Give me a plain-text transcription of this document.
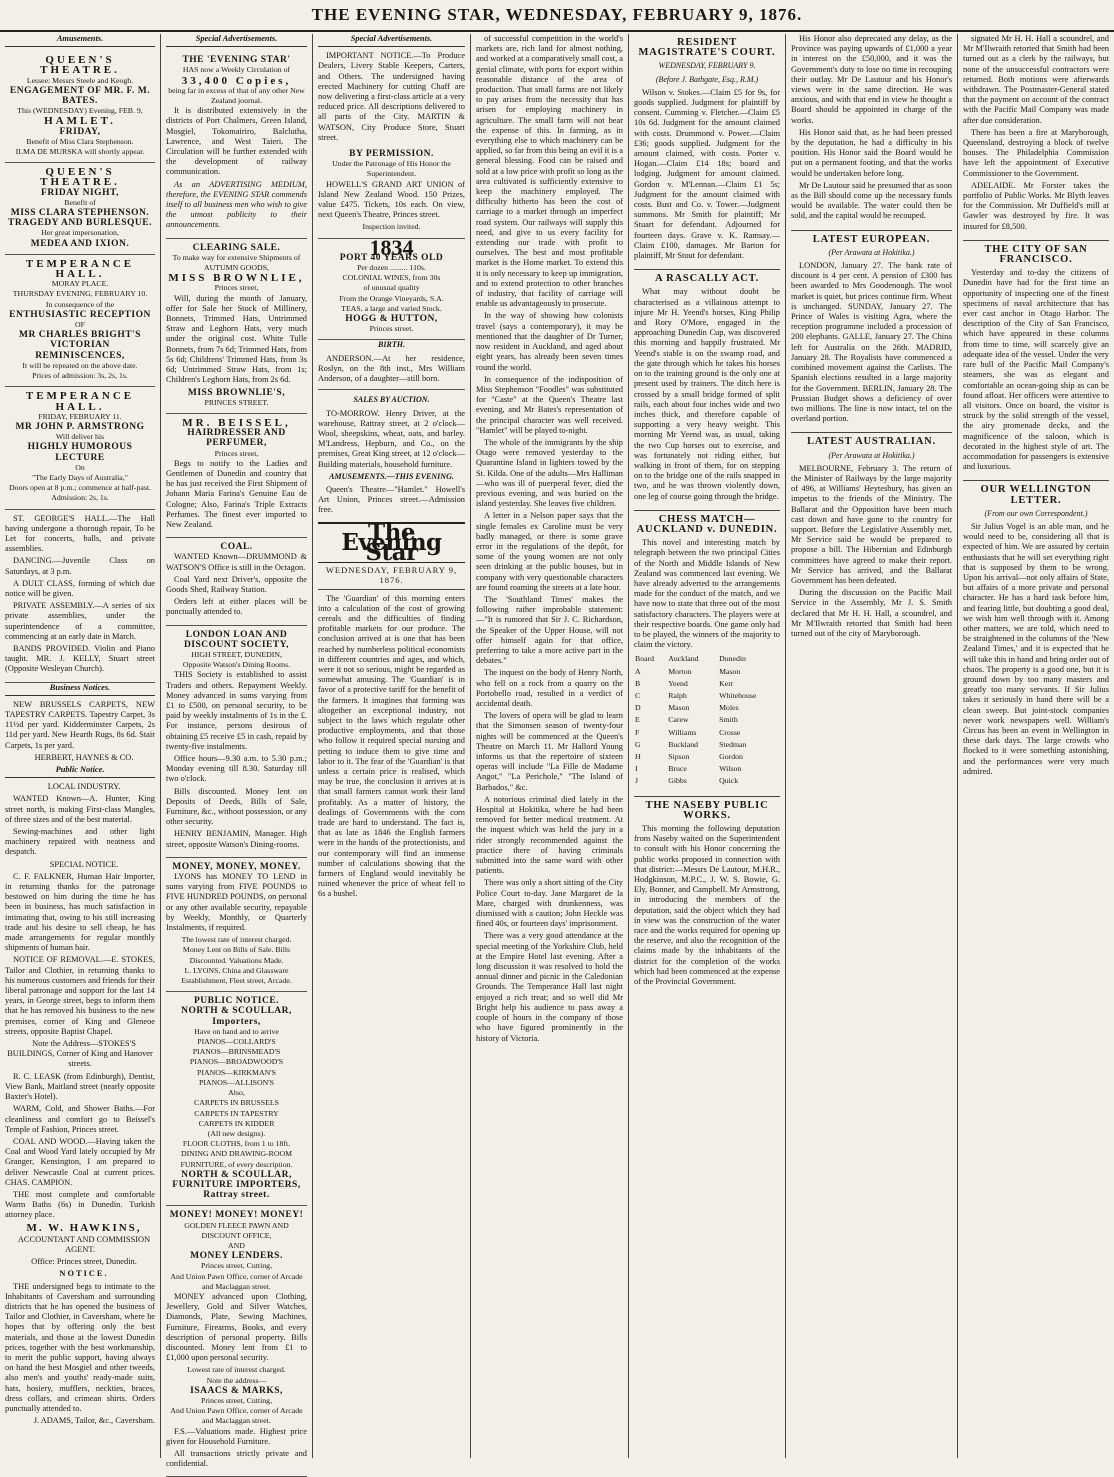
THE EVENING STAR, WEDNESDAY, FEBRUARY 9, 1876.
Amusements.
QUEEN'S THEATRE.
Lessee: Messrs Steele and Keogh.
ENGAGEMENT OF MR. F. M. BATES.
This (WEDNESDAY) Evening, FEB. 9,
HAMLET.
FRIDAY,
Benefit of Miss Clara Stephenson.
ILMA DE MURSKA will shortly appear.
QUEEN'S THEATRE.
FRIDAY NIGHT,
Benefit of
MISS CLARA STEPHENSON.
TRAGEDY AND BURLESQUE.
Her great impersonation,
MEDEA AND IXION.
TEMPERANCE HALL.
MORAY PLACE.
THURSDAY EVENING, FEBRUARY 10.
In consequence of the
ENTHUSIASTIC RECEPTION
OF
MR CHARLES BRIGHT'S
VICTORIAN REMINISCENCES,
It will be repeated on the above date.
Prices of admission: 3s, 2s, 1s.
TEMPERANCE HALL.
FRIDAY, FEBRUARY 11.
MR JOHN P. ARMSTRONG
Will deliver his
HIGHLY HUMOROUS LECTURE
On
"The Early Days of Australia,"
Doors open at 8 p.m.; commence at half-past.
Admission: 2s, 1s.

ST. GEORGE'S HALL.—The Hall having undergone a thorough repair, To be Let for concerts, balls, and private assemblies.

DANCING.—Juvenile Class on Saturdays, at 3 p.m.

A DULT CLASS, forming of which due notice will be given.

PRIVATE ASSEMBLY.—A series of six private assemblies, under the superintendence of a committee, commencing at an early date in March.

BANDS PROVIDED. Violin and Piano taught. MR. J. KELLY, Stuart street (Opposite Wesleyan Church).

Business Notices.

NEW BRUSSELS CARPETS, NEW TAPESTRY CARPETS. Tapestry Carpet, 3s 11½d per yard. Kidderminster Carpets, 2s 11d per yard. New Hearth Rugs, 8s 6d. Stair Carpets, 1s per yard.

HERBERT, HAYNES & CO.

Public Notice.

LOCAL INDUSTRY.

WANTED Known—A. Hunter, King street north, is making First-class Mangles, of three sizes and of the best material.

Sewing-machines and other light machinery repaired with neatness and despatch.

SPECIAL NOTICE.

C. F. FALKNER, Human Hair Importer, in returning thanks for the patronage bestowed on him during the time he has been in business, has much satisfaction in intimating that, owing to his still increasing trade and his desire to sell cheap, he has made arrangements for regular monthly shipments of human hair.

NOTICE OF REMOVAL.—E. STOKES, Tailor and Clothier, in returning thanks to his numerous customers and friends for their liberal patronage and support for the last 14 years, in George street, begs to inform them that he has removed his business to the new premises, corner of King and Gleneoe streets, opposite Baptist Chapel.

Note the Address—STOKES'S BUILDINGS, Corner of King and Hanover streets.

R. C. LEASK (from Edinburgh), Dentist, View Bank, Maitland street (nearly opposite Baxter's Hotel).

WARM, Cold, and Shower Baths.—For cleanliness and comfort go to Beissel's Temple of Fashion, Princes street.

COAL AND WOOD.—Having taken the Coal and Wood Yard lately occupied by Mr Granger, Kensington, I am prepared to deliver Newcastle Coal at current prices. CHAS. CAMPION.

THE most complete and comfortable Warm Baths (6s) in Dunedin. Turkish attorney place.

M. W. HAWKINS,

ACCOUNTANT AND COMMISSION AGENT.

Office: Princes street, Dunedin.

NOTICE.

THE undersigned begs to intimate to the Inhabitants of Caversham and surrounding districts that he has opened the business of Tailor and Clothier, in Caversham, where he hopes that by offering only the best materials, and those at the lowest Dunedin prices, together with the best workmanship, to merit the public support, having always on hand the best Mosgiel and other tweeds, also men's and youths' ready-made suits, hats, hosiery, mufflers, neckties, braces, dress collars, and crimean shirts. Orders punctually attended to.

J. ADAMS, Tailor, &c., Caversham.

Special Advertisements.
THE 'EVENING STAR'
HAS now a Weekly Circulation of
33,400 Copies,
being far in excess of that of any other New Zealand journal.

It is distributed extensively in the districts of Port Chalmers, Green Island, Mosgiel, Tokomairiro, Balclutha, Lawrence, and West Taieri. The Circulation will be further extended with the development of railway communication.

As an ADVERTISING MEDIUM, therefore, the EVENING STAR commends itself to all business men who wish to give the utmost publicity to their announcements.

CLEARING SALE.
To make way for extensive Shipments of AUTUMN GOODS,
MISS BROWNLIE,
Princes street,

Will, during the month of January, offer for Sale her Stock of Millinery, Bonnets, Trimmed Hats, Untrimmed Straw and Leghorn Hats, very much under the original cost. White Tulle Bonnets, from 7s 6d; Trimmed Hats, from 5s 6d; Childrens' Trimmed Hats, from 3s 6d; Untrimmed Straw Hats, from 1s; Children's Leghorn Hats, from 2s 6d.

MISS BROWNLIE'S,
PRINCES STREET.
MR. BEISSEL,
HAIRDRESSER AND PERFUMER,
Princes street,

Begs to notify to the Ladies and Gentlemen of Dunedin and country that he has just received the First Shipment of Johann Maria Farina's Genuine Eau de Cologne; Also, Farina's Triple Extracts Perfumes. The finest ever imported to New Zealand.

COAL.

WANTED Known—DRUMMOND & WATSON'S Office is still in the Octagon.

Coal Yard next Driver's, opposite the Goods Shed, Railway Station.

Orders left at either places will be punctually attended to.

LONDON LOAN AND DISCOUNT SOCIETY,
HIGH STREET, DUNEDIN,
Opposite Watson's Dining Rooms.

THIS Society is established to assist Traders and others. Repayment Weekly. Money advanced in sums varying from £1 to £500, on personal security, to be paid by weekly instalments of 1s in the £. For instance, persons desirous of obtaining £5 receive £5 in cash, repaid by twenty-five instalments.

Office hours—9.30 a.m. to 5.30 p.m.; Monday evening till 8.30. Saturday till two o'clock.

Bills discounted. Money lent on Deposits of Deeds, Bills of Sale, Furniture, &c., without possession, or any other security.

HENRY BENJAMIN, Manager. High street, opposite Watson's Dining-rooms.

MONEY, MONEY, MONEY.

LYONS has MONEY TO LEND in sums varying from FIVE POUNDS to FIVE HUNDRED POUNDS, on personal or any other available security, repayable by Weekly, Monthly, or Quarterly Instalments, if required.

The lowest rate of interest charged.
Money Lent on Bills of Sale. Bills Discounted. Valuations Made.
L. LYONS, China and Glassware Establishment, Fleet street, Arcade.
PUBLIC NOTICE.
NORTH & SCOULLAR, Importers,
Have on hand and to arrive
PIANOS—COLLARD'S
PIANOS—BRINSMEAD'S
PIANOS—BROADWOOD'S
PIANOS—KIRKMAN'S
PIANOS—ALLISON'S
Also,
CARPETS IN BRUSSELS
CARPETS IN TAPESTRY
CARPETS IN KIDDER
(All new designs).
FLOOR CLOTHS, from 1 to 18ft.
DINING AND DRAWING-ROOM FURNITURE, of every description.
NORTH & SCOULLAR, FURNITURE IMPORTERS, Rattray street.
MONEY! MONEY! MONEY!
GOLDEN FLEECE PAWN AND DISCOUNT OFFICE,
AND
MONEY LENDERS.
Princes street, Cutting,
And Union Pawn Office, corner of Arcade and Maclaggan street.

MONEY advanced upon Clothing, Jewellery, Gold and Silver Watches, Diamonds, Plate, Sewing Machines, Furniture, Firearms, Books, and every description of personal property. Bills discounted. Money lent from £1 to £1,000 upon personal security.

Lowest rate of interest charged.
Note the address—
ISAACS & MARKS,
Princes street, Cutting,
And Union Pawn Office, corner of Arcade and Maclaggan street.

F.S.—Valuations made. Highest price given for Household Furniture.

All transactions strictly private and confidential.

Special Advertisements.

IMPORTANT NOTICE.—To Produce Dealers, Livery Stable Keepers, Carters, and Others. The undersigned having erected Machinery for cutting Chaff are now delivering a first-class article at a very reduced price. All descriptions delivered to all parts of the City. MARTIN & WATSON, City Produce Store, Stuart street.

BY PERMISSION.
Under the Patronage of His Honor the Superintendent.

HOWELL'S GRAND ART UNION of Island New Zealand Wood. 150 Prizes, value £475. Tickets, 10s each. On view, next Queen's Theatre, Princes street.

Inspection invited.
1834
PORT 40 YEARS OLD
Per dozen ......... 110s.
COLONIAL WINES, from 30s
of unusual quality
From the Orange Vineyards, S.A.
TEAS, a large and varied Stock.
HOGG & HUTTON,
Princes street.
BIRTH.

ANDERSON.—At her residence, Roslyn, on the 8th inst., Mrs William Anderson, of a daughter—still born.

SALES BY AUCTION.

TO-MORROW. Henry Driver, at the warehouse, Rattray street, at 2 o'clock—Wool, sheepskins, wheat, oats, and barley. M'Landress, Hepburn, and Co., on the premises, Great King street, at 12 o'clock—Building materials, household furniture.

AMUSEMENTS.—THIS EVENING.

Queen's Theatre—"Hamlet." Howell's Art Union, Princes street.—Admission free.

The Evening Star
WEDNESDAY, FEBRUARY 9, 1876.

The 'Guardian' of this morning enters into a calculation of the cost of growing cereals and the difficulties of finding profitable markets for our produce. The conclusion arrived at is one that has been reached by numberless political economists in different countries and ages, and which, were it not so serious, might be regarded as somewhat amusing. The 'Guardian' is in favor of a protective tariff for the benefit of the farmers. It imagines that farming was altogether an exceptional industry, not subject to the laws which regulate other productive employments, and that those who follow it required special nursing and petting to induce them to give time and labor to it. The fear of the 'Guardian' is that unless a certain price is realised, which may be true, the conclusion it arrives at is that small farmers cannot work their land profitably. As a matter of history, the dealings of Governments with the corn trade are hard to understand. The fact is, that as late as 1846 the English farmers were in the hands of the protectionists, and our contemporary will find an immense number of calculations showing that the farmers of England would inevitably be ruined whenever the price of wheat fell to 6s a bushel.

of successful competition in the world's markets are, rich land for almost nothing, and worked at a comparatively small cost, a genial climate, with ports for export within reasonable distance of the area of production. That small farms are not likely to pay arises from the necessity that has arisen for employing machinery in agriculture. The small farm will not bear the expense of this. In farming, as in everything else to which machinery can be applied, so far from this being an evil it is a general blessing. Food can be raised and sold at a low price with profit so long as the area cultivated is sufficiently extensive to keep the machinery employed. The difficulty hitherto has been the cost of carriage to a market through an imperfect road system. Our railways will supply this need, and give to us every facility for extending our trade with profit to ourselves. The best and most profitable market is the Home market. To extend this it is only necessary to keep up immigration, and to extend protection to other branches of industry, that facility of carriage will enable us advantageously to prosecute.

In the way of showing how colonists travel (says a contemporary), it may be mentioned that the daughter of Dr Turner, now resident in Auckland, and aged about eight years, has already been seven times round the world.

In consequence of the indisposition of Miss Stephenson "Foodles" was substituted for "Caste" at the Queen's Theatre last evening, and Mr Bates's representation of the principal character was well received. "Hamlet" will be played to-night.

The whole of the immigrants by the ship Otago were removed yesterday to the Quarantine Island in lighters towed by the St. Kilda. One of the adults—Mrs Halliman—who was ill of puerperal fever, died the previous evening, and was buried on the island yesterday. She leaves five children.

A letter in a Nelson paper says that the single females ex Caroline must be very badly managed, or there is some grave error in the regulations of the depôt, for some of the young women are not only seen drinking at the public houses, but in company with very questionable characters are found roaming the streets at a late hour.

The 'Southland Times' makes the following rather improbable statement:—"It is rumored that Sir J. C. Richardson, the Speaker of the Upper House, will not offer himself again for that office, preferring to take a more active part in the debates."

The inquest on the body of Henry North, who fell on a rock from a quarry on the Portobello road, resulted in a verdict of accidental death.

The lovers of opera will be glad to learn that the Simonsen season of twenty-four nights will be commenced at the Queen's Theatre on March 11. Mr Hallord Young informs us that the repertoire of sixteen operas will include "La Fille de Madame Angot," "La Perichole," "The Island of Barbados," &c.

A notorious criminal died lately in the Hospital at Hokitika, where he had been removed for better medical treatment. At the inquest which was held the jury in a rider strongly recommended against the practice there of having criminals submitted into the same ward with other patients.

There was only a short sitting of the City Police Court to-day. Jane Margaret de la Mare, charged with drunkenness, was dismissed with a caution; John Heckle was fined 40s, or fourteen days' imprisonment.

There was a very good attendance at the special meeting of the Yorkshire Club, held at the Empire Hotel last evening. After a long discussion it was resolved to hold the annual dinner and picnic in the Caledonian Grounds. The Temperance Hall last night enjoyed a rich treat; and so well did Mr Bright help his audience to pass away a couple of hours in the company of those who have figured prominently in the history of Victoria.

RESIDENT MAGISTRATE'S COURT.
WEDNESDAY, FEBRUARY 9.
(Before J. Bathgate, Esq., R.M.)

Wilson v. Stokes.—Claim £5 for 9s, for goods supplied. Judgment for plaintiff by consent. Cumming v. Fletcher.—Claim £5 10s 6d. Judgment for the amount claimed with costs. Drummond v. Power.—Claim £36; goods supplied. Judgment for the amount claimed, with costs. Porter v. Hogan.—Claim £14 18s; board and lodging. Judgment for amount claimed. Gordon v. M'Lennan.—Claim £1 5s; Judgment for the amount claimed with costs. Bust and Co. v. Tower.—Judgment summons. Mr Smith for plaintiff; Mr Stuart for defendant. Adjourned for fourteen days. Grave v. K. Ramsay.—Claim £100, damages. Mr Barton for plaintiff, Mr Stout for defendant.

A RASCALLY ACT.

What may without doubt be characterised as a villainous attempt to injure Mr H. Yeend's horses, King Philip and Rory O'More, engaged in the approaching Dunedin Cup, was discovered this morning and happily frustrated. Mr Yeend's stable is on the swamp road, and the gate through which he takes his horses on to the training ground is the only one at present used by trainers. The ditch here is crossed by a small bridge formed of split rails, each about four inches wide and two inches thick, and therefore capable of supporting a very heavy weight. This morning Mr Yeend was, as usual, taking the two Cup horses out to exercise, and was fortunately not riding either, but walking in front of them, for on stepping on to the bridge one of the rails snapped in two, and he was thrown violently down, one leg of course going through the bridge.

CHESS MATCH—AUCKLAND v. DUNEDIN.

This novel and interesting match by telegraph between the two principal Cities of the North and Middle Islands of New Zealand was commenced last evening. We have already adverted to the arrangements made for the conduct of the match, and we have now to state that three out of the most satisfactory characters. The players were at their respective boards. One game only had to be played, the winners of the majority to claim the victory.

Board	Auckland	Dunedin
A	Morton	Mason
B	Yeend	Kerr
C	Ralph	Whitehouse
D	Mason	Moles
E	Carew	Smith
F	Williams	Crosse
G	Buckland	Stedman
H	Sipson	Gordon
I	Bruce	Wilson
J	Gibbs	Quick
THE NASEBY PUBLIC WORKS.

This morning the following deputation from Naseby waited on the Superintendent to consult with his Honor concerning the public works proposed in connection with that district:—Messrs De Lautour, M.H.R., Hodgkinson, M.P.C., J. W. S. Bowie, G. Ely, Bonner, and Campbell. Mr Armstrong, in introducing the members of the deputation, said the object which they had in view was the construction of the water race and the works required for opening up the reserve, and also the recognition of the claims made by the inhabitants of the district for the completion of the works which had been commenced at the expense of the Provincial Government.

His Honor also deprecated any delay, as the Province was paying upwards of £1,000 a year in interest on the £50,000, and it was the Government's duty to lose no time in recouping their outlay. Mr De Lautour and his Honor's views were in the same direction. He was anxious, and with that end in view he thought a Board should be appointed in charge of the works.

His Honor said that, as he had been pressed by the deputation, he had a difficulty in his position. His Honor said the Board would be put on a permanent footing, and that the works would be undertaken before long.

Mr De Lautour said he presumed that as soon as the Bill should come up the necessary funds would be available. The water could then be sold, and the capital would be recouped.

LATEST EUROPEAN.
(Per Arawata at Hokitika.)

LONDON, January 27. The bank rate of discount is 4 per cent. A pension of £300 has been awarded to Mrs Goodenough. The wool market is quiet, but prices continue firm. Wheat is unchanged. SUNDAY, January 27. The Prince of Wales is visiting Agra, where the reception programme included a procession of 200 elephants. GALLE, January 27. The China left for Australia on the 26th. MADRID, January 28. The Royalists have commenced a combined movement against the Carlists. The Spanish elections resulted in a large majority for the Government. BERLIN, January 28. The Prussian Budget shows a deficiency of over two millions. The line is now intact, tel on the overland portion.

LATEST AUSTRALIAN.
(Per Arawata at Hokitika.)

MELBOURNE, February 3. The return of the Minister of Railways by the large majority of 496, at Williams' Heytesbury, has given an impetus to the friends of the Ministry. The Ballarat and the Opposition have been much cast down and have gone to the country for support. Before the Legislative Assembly met, Mr Service said he would be prepared to propose a bill. The Hibernian and Edinburgh committees have agreed to make their report. Mr Service has arrived, and the Ballarat Government has been defeated.

During the discussion on the Pacific Mail Service in the Assembly, Mr J. S. Smith declared that Mr H. H. Hall, a scoundrel, and Mr M'Ilwraith retorted that Smith had been turned out of the city of Maryborough.

signated Mr H. H. Hall a scoundrel, and Mr M'Ilwraith retorted that Smith had been turned out as a clerk by the railways, but none of the unsuccessful contractors were returned. Both motions were afterwards withdrawn. The Postmaster-General stated that the payment on account of the contract with the Pacific Mail Company was made after due consideration.

There has been a fire at Maryborough, Queensland, destroying a block of twelve houses. The Philadelphia Commission have left the appointment of Executive Commissioner to the Government.

ADELAIDE. Mr Forster takes the portfolio of Public Works. Mr Blyth leaves for the Commission. Mr Duffield's mill at Gawler was destroyed by fire. It was insured for £8,500.

THE CITY OF SAN FRANCISCO.

Yesterday and to-day the citizens of Dunedin have had for the first time an opportunity of inspecting one of the finest specimens of naval architecture that has ever cast anchor in Otago Harbor. The description of the City of San Francisco, which have appeared in these columns from time to time, will scarcely give an adequate idea of the vessel. Under the very rare hull of the Pacific Mail Company's steamers, she was as elegant and comfortable an ocean-going ship as can be found afloat. Her officers were attentive to all visitors. Once on board, the visitor is struck by the solid strength of the vessel, the airy promenade decks, and the magnificence of the saloon, which is decorated in the highest style of art. The accommodation for passengers is extensive and luxurious.

OUR WELLINGTON LETTER.
(From our own Correspondent.)

Sir Julius Vogel is an able man, and he would need to be, considering all that is expected of him. We are assured by certain enthusiasts that he will set everything right that is supposed by them to be wrong. Upon his arrival—not only affairs of State, but affairs of a more private and personal character. He has a hard task before him, and fearing little, but doubting a good deal, we wish him well through with it. Among other matters, we are told, which need to be straightened in the columns of the 'New Zealand Times,' and it is expected that he will take this in hand and bring order out of chaos. The property is a good one, but it is ground down by too many masters and greatly too many servants. If Sir Julius takes it seriously in hand there will be a clean sweep. But joint-stock companies never work newspapers well. William's Circus has been an event in Wellington in these dark days. The large crowds who flocked to it were something astonishing, and the performances were very much admired.
